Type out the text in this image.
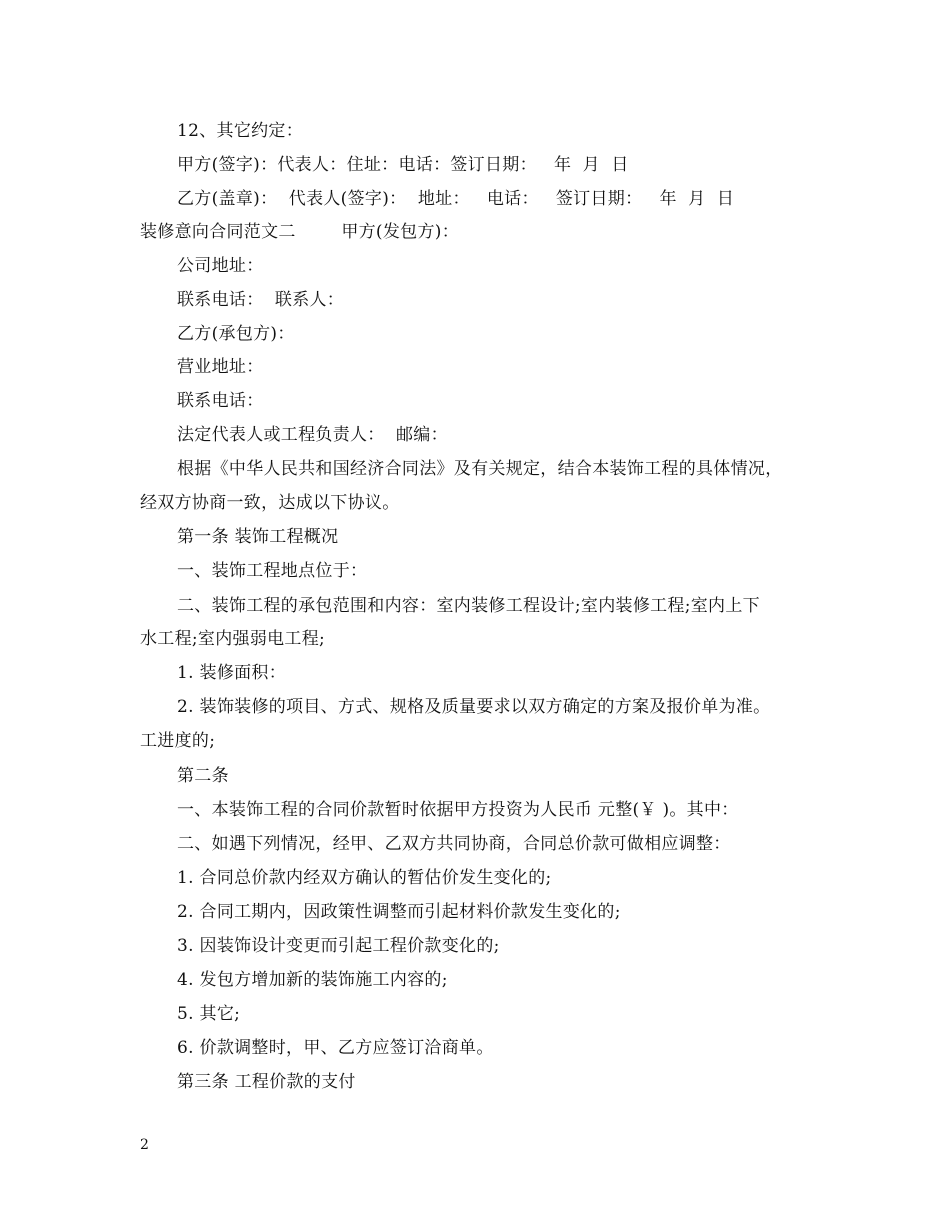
12、其它约定：
甲方(签字)：代表人：住址：电话：签订日期：   年  月  日
乙方(盖章)：  代表人(签字)：  地址：   电话：   签订日期：   年  月  日
装修意向合同范文二        甲方(发包方)：
公司地址：
联系电话：  联系人：
乙方(承包方)：
营业地址：
联系电话：
法定代表人或工程负责人：  邮编：
根据《中华人民共和国经济合同法》及有关规定，结合本装饰工程的具体情况，
经双方协商一致，达成以下协议。
第一条 装饰工程概况
一、装饰工程地点位于：
二、装饰工程的承包范围和内容：室内装修工程设计;室内装修工程;室内上下
水工程;室内强弱电工程;
1. 装修面积：
2. 装饰装修的项目、方式、规格及质量要求以双方确定的方案及报价单为准。
工进度的;
第二条
一、本装饰工程的合同价款暂时依据甲方投资为人民币 元整(￥ )。其中：
二、如遇下列情况，经甲、乙双方共同协商，合同总价款可做相应调整：
1. 合同总价款内经双方确认的暂估价发生变化的;
2. 合同工期内，因政策性调整而引起材料价款发生变化的;
3. 因装饰设计变更而引起工程价款变化的;
4. 发包方增加新的装饰施工内容的;
5. 其它;
6. 价款调整时，甲、乙方应签订洽商单。
第三条 工程价款的支付
2
